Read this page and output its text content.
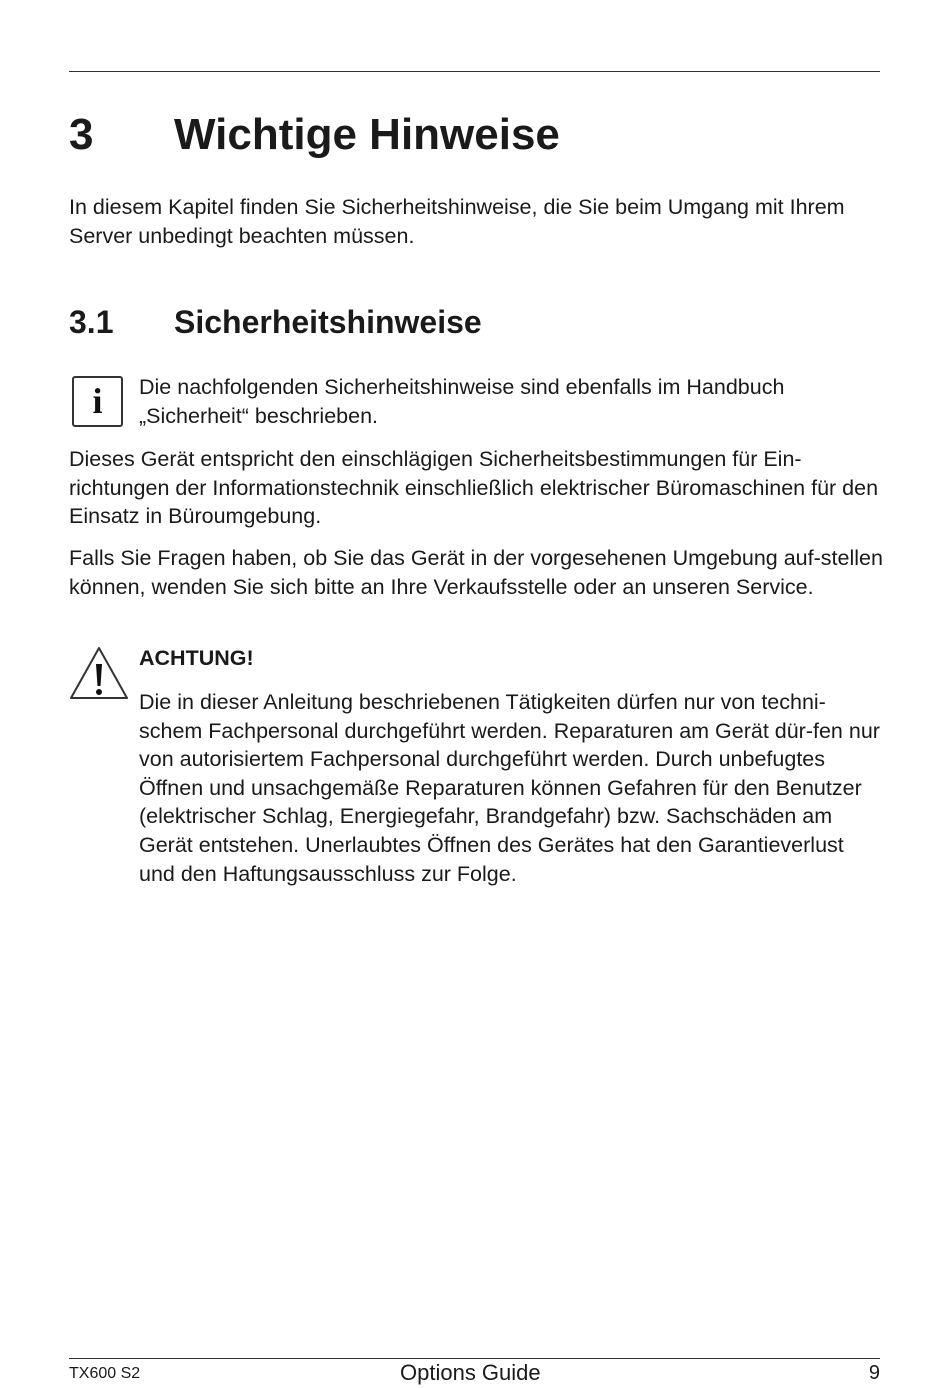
3 Wichtige Hinweise

In diesem Kapitel finden Sie Sicherheitshinweise, die Sie beim Umgang mit Ihrem Server unbedingt beachten müssen.

3.1 Sicherheitshinweise
i	Die nachfolgenden Sicherheitshinweise sind ebenfalls im Handbuch „Sicherheit“ beschrieben.

Dieses Gerät entspricht den einschlägigen Sicherheitsbestimmungen für Ein-richtungen der Informationstechnik einschließlich elektrischer Büromaschinen für den Einsatz in Büroumgebung.

Falls Sie Fragen haben, ob Sie das Gerät in der vorgesehenen Umgebung auf-stellen können, wenden Sie sich bitte an Ihre Verkaufsstelle oder an unseren Service.

ACHTUNG!

Die in dieser Anleitung beschriebenen Tätigkeiten dürfen nur von techni-schem Fachpersonal durchgeführt werden. Reparaturen am Gerät dür-fen nur von autorisiertem Fachpersonal durchgeführt werden. Durch unbefugtes Öffnen und unsachgemäße Reparaturen können Gefahren für den Benutzer (elektrischer Schlag, Energiegefahr, Brandgefahr) bzw. Sachschäden am Gerät entstehen. Unerlaubtes Öffnen des Gerätes hat den Garantieverlust und den Haftungsausschluss zur Folge.

TX600 S2	Options Guide	9
